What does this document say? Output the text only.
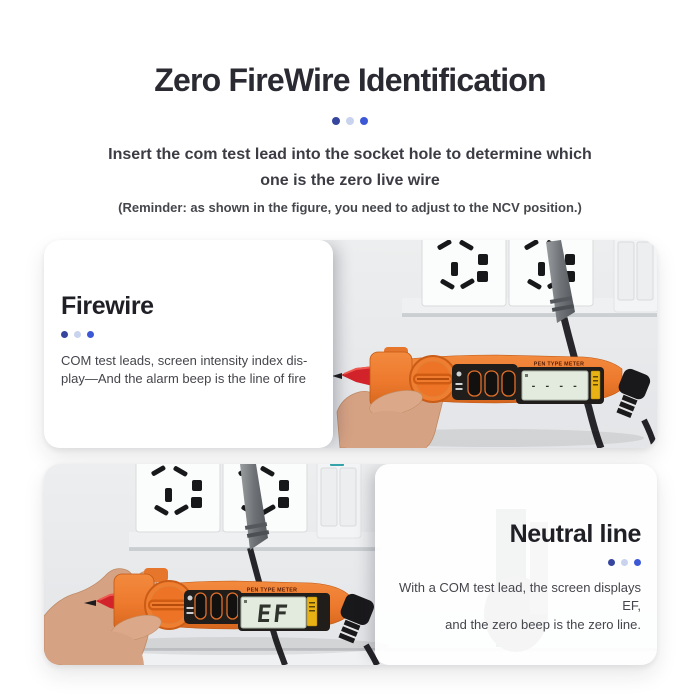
Zero FireWire Identification

Insert the com test lead into the socket hole to determine which

one is the zero live wire

(Reminder: as shown in the figure, you need to adjust to the NCV position.)

PEN TYPE METER
- - - -
Firewire

COM test leads, screen intensity index dis-

play—And the alarm beep is the line of fire

PEN TYPE METER
EF
Neutral line

With a COM test lead, the screen displays EF,

and the zero beep is the zero line.
